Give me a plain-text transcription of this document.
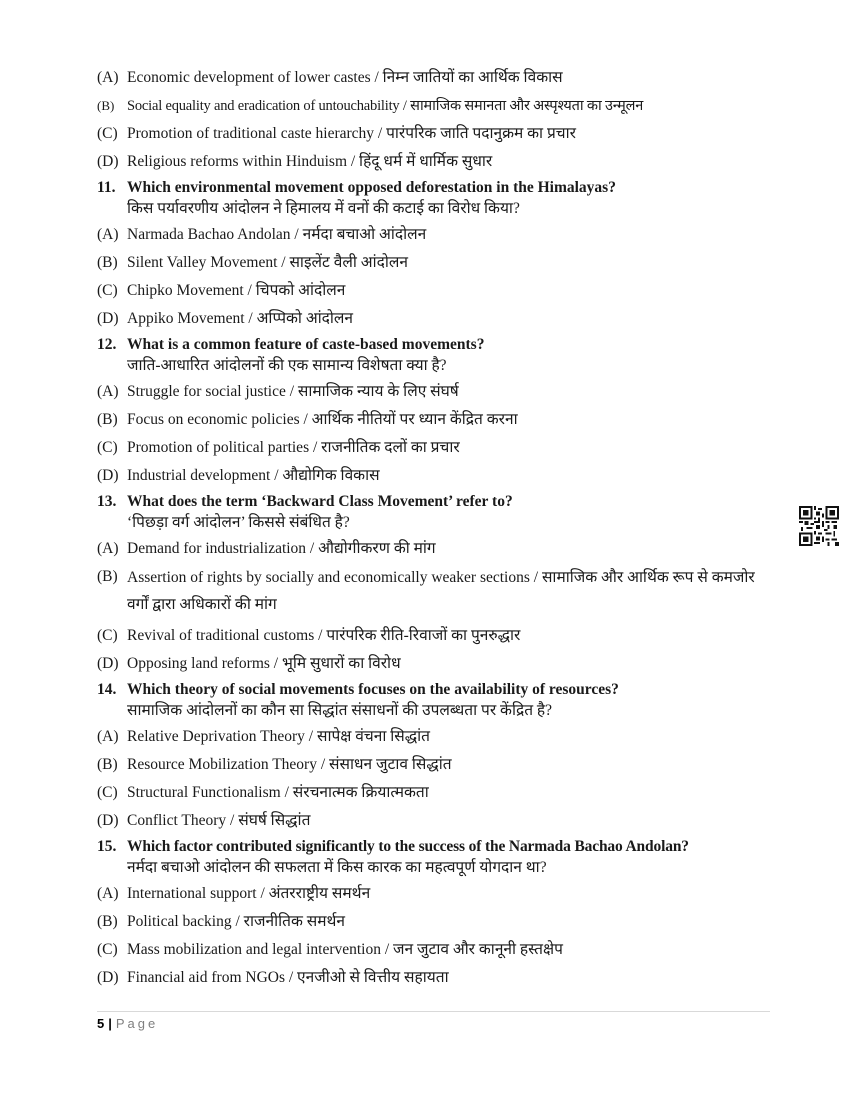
(A) Economic development of lower castes / निम्न जातियों का आर्थिक विकास
(B) Social equality and eradication of untouchability / सामाजिक समानता और अस्पृश्यता का उन्मूलन
(C) Promotion of traditional caste hierarchy / पारंपरिक जाति पदानुक्रम का प्रचार
(D) Religious reforms within Hinduism / हिंदू धर्म में धार्मिक सुधार
11. Which environmental movement opposed deforestation in the Himalayas?
किस पर्यावरणीय आंदोलन ने हिमालय में वनों की कटाई का विरोध किया?
(A) Narmada Bachao Andolan / नर्मदा बचाओ आंदोलन
(B) Silent Valley Movement / साइलेंट वैली आंदोलन
(C) Chipko Movement / चिपको आंदोलन
(D) Appiko Movement / अप्पिको आंदोलन
12. What is a common feature of caste-based movements?
जाति-आधारित आंदोलनों की एक सामान्य विशेषता क्या है?
(A) Struggle for social justice / सामाजिक न्याय के लिए संघर्ष
(B) Focus on economic policies / आर्थिक नीतियों पर ध्यान केंद्रित करना
(C) Promotion of political parties / राजनीतिक दलों का प्रचार
(D) Industrial development / औद्योगिक विकास
13. What does the term ‘Backward Class Movement’ refer to?
‘पिछड़ा वर्ग आंदोलन’ किससे संबंधित है?
(A) Demand for industrialization / औद्योगीकरण की मांग
(B) Assertion of rights by socially and economically weaker sections / सामाजिक और आर्थिक रूप से कमजोर वर्गों द्वारा अधिकारों की मांग
(C) Revival of traditional customs / पारंपरिक रीति-रिवाजों का पुनरुद्धार
(D) Opposing land reforms / भूमि सुधारों का विरोध
14. Which theory of social movements focuses on the availability of resources?
सामाजिक आंदोलनों का कौन सा सिद्धांत संसाधनों की उपलब्धता पर केंद्रित है?
(A) Relative Deprivation Theory / सापेक्ष वंचना सिद्धांत
(B) Resource Mobilization Theory / संसाधन जुटाव सिद्धांत
(C) Structural Functionalism / संरचनात्मक क्रियात्मकता
(D) Conflict Theory / संघर्ष सिद्धांत
15. Which factor contributed significantly to the success of the Narmada Bachao Andolan?
नर्मदा बचाओ आंदोलन की सफलता में किस कारक का महत्वपूर्ण योगदान था?
(A) International support / अंतरराष्ट्रीय समर्थन
(B) Political backing / राजनीतिक समर्थन
(C) Mass mobilization and legal intervention / जन जुटाव और कानूनी हस्तक्षेप
(D) Financial aid from NGOs / एनजीओ से वित्तीय सहायता
5 | Page
